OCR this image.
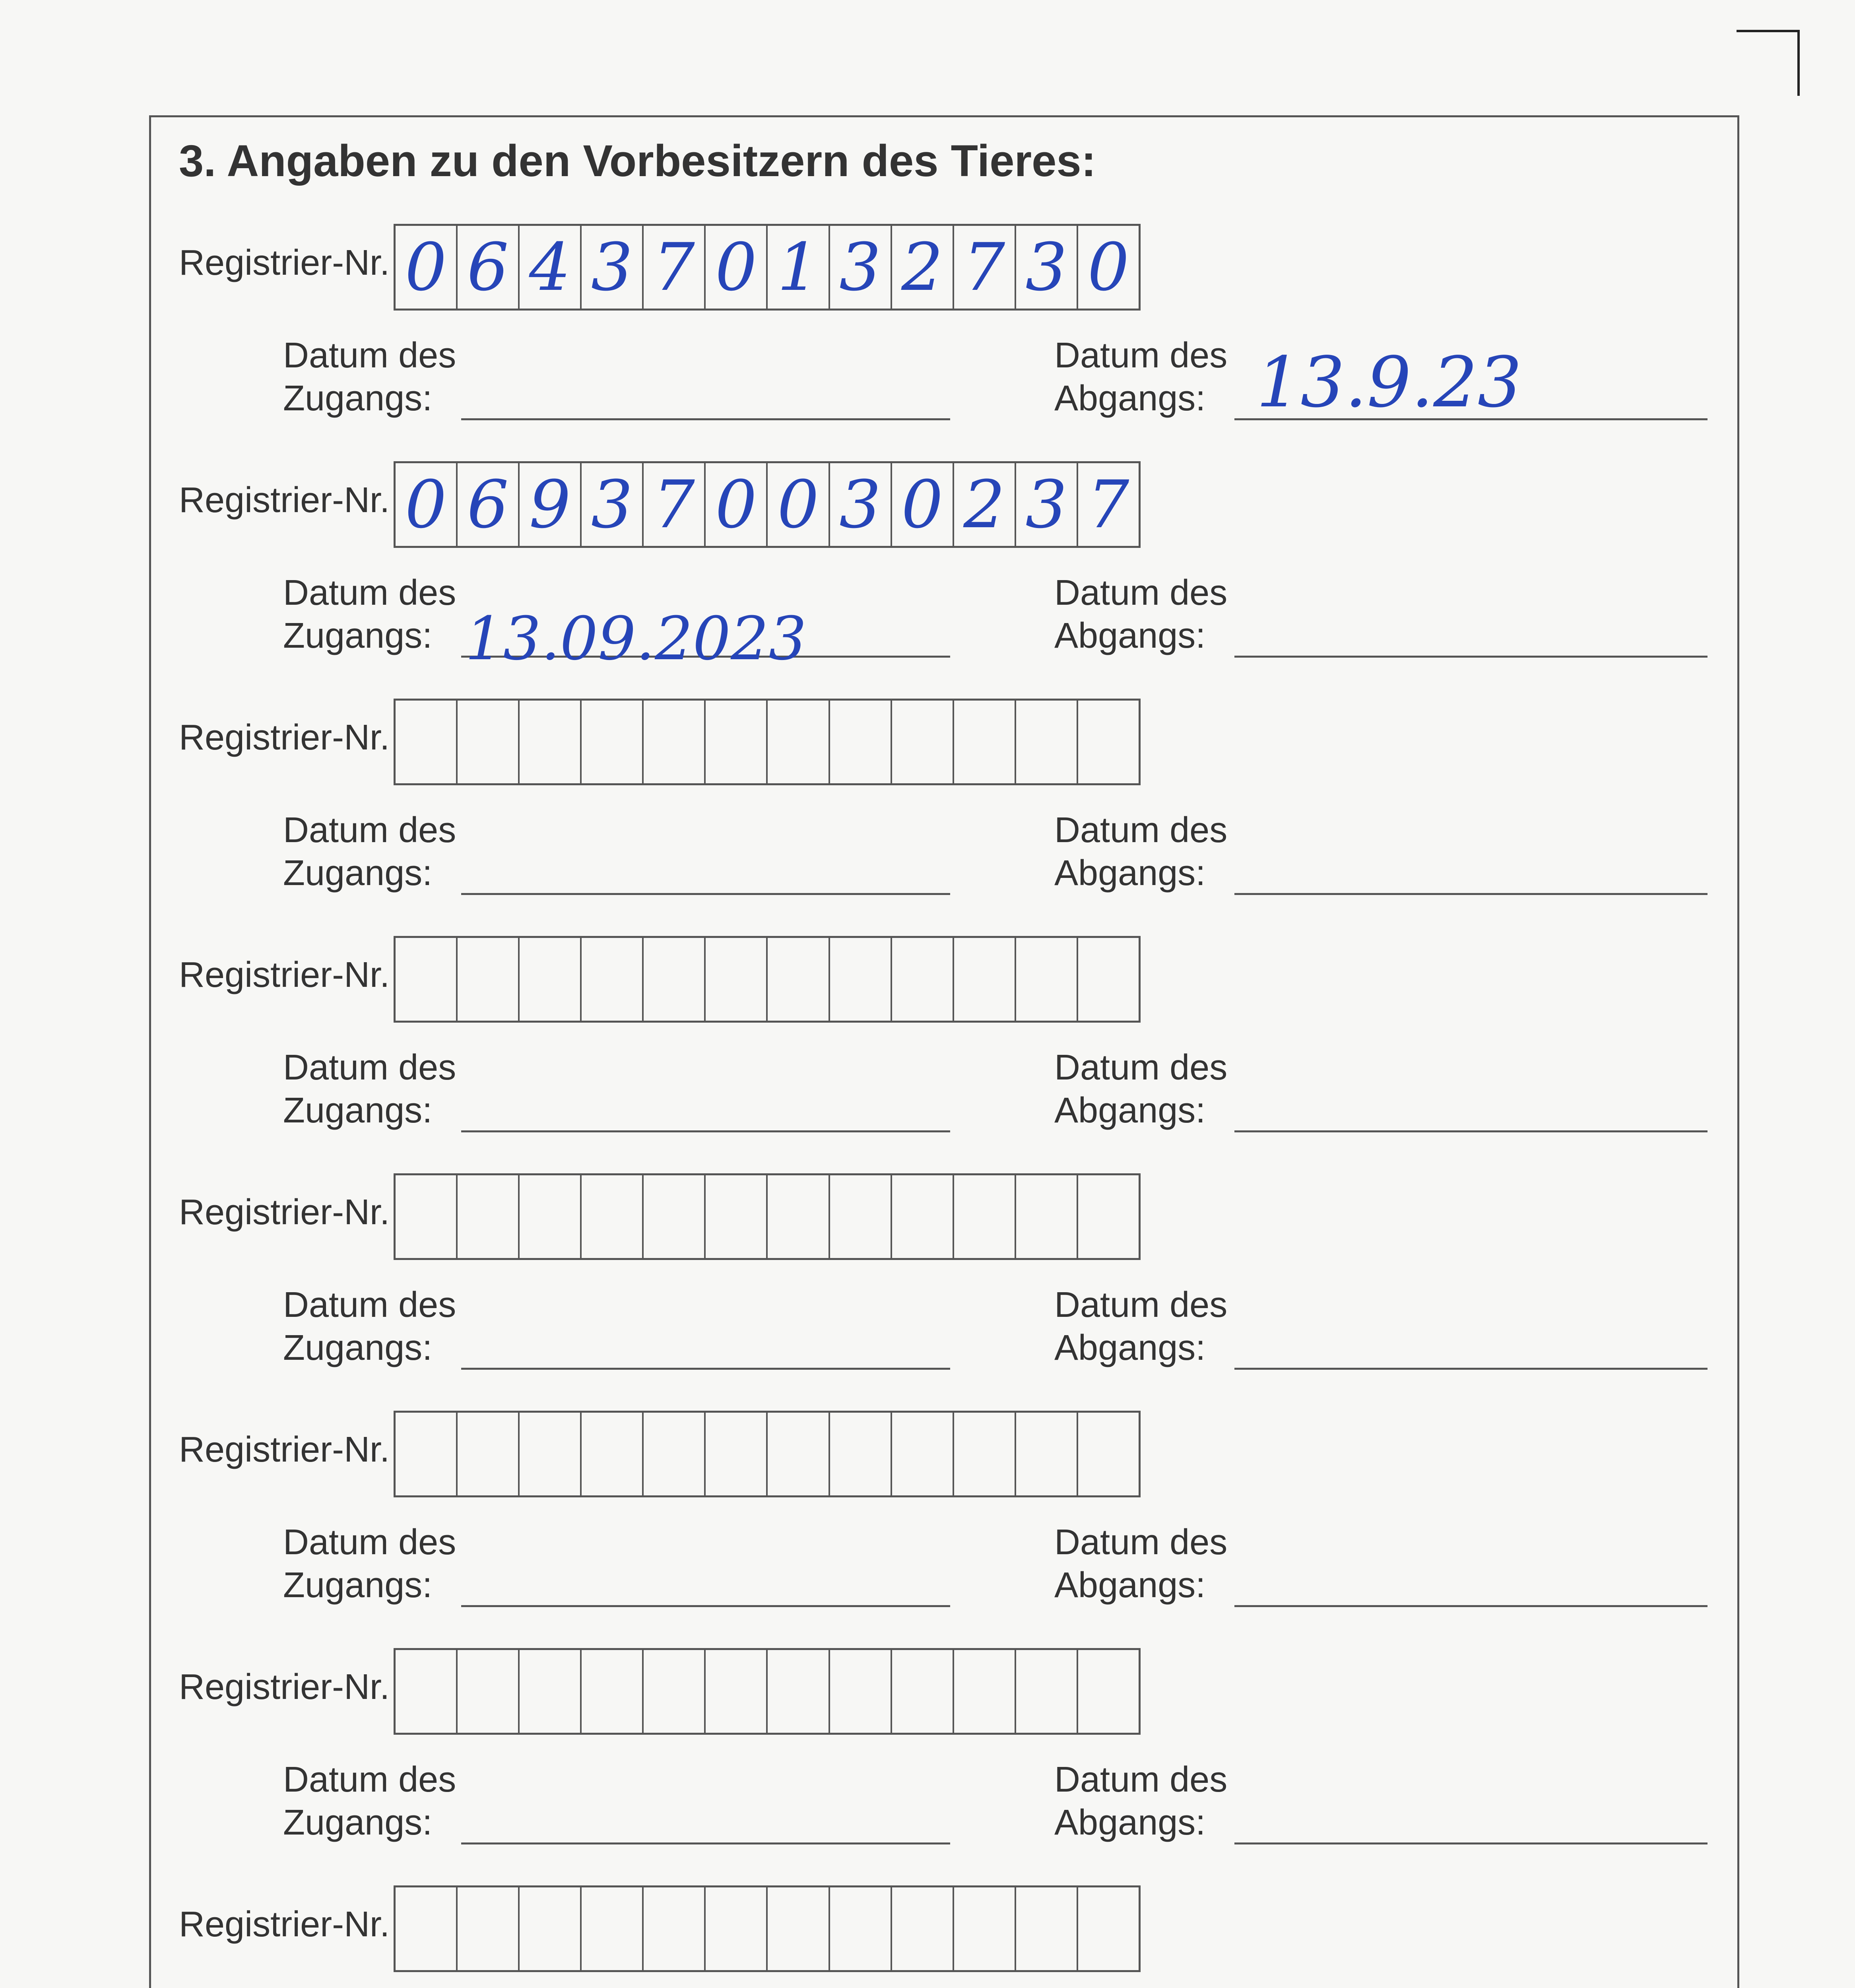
3. Angaben zu den Vorbesitzern des Tieres:
Registrier-Nr. 0 6 4 3 7 0 1 3 2 7 3 0
Datum des
Zugangs:
Datum des
Abgangs: 13.9.23
Registrier-Nr. 0 6 9 3 7 0 0 3 0 2 3 7
Datum des
Zugangs: 13.09.2023
Datum des
Abgangs:
Registrier-Nr.
Datum des
Zugangs:
Datum des
Abgangs:
Registrier-Nr.
Datum des
Zugangs:
Datum des
Abgangs:
Registrier-Nr.
Datum des
Zugangs:
Datum des
Abgangs:
Registrier-Nr.
Datum des
Zugangs:
Datum des
Abgangs:
Registrier-Nr.
Datum des
Zugangs:
Datum des
Abgangs:
Registrier-Nr.
